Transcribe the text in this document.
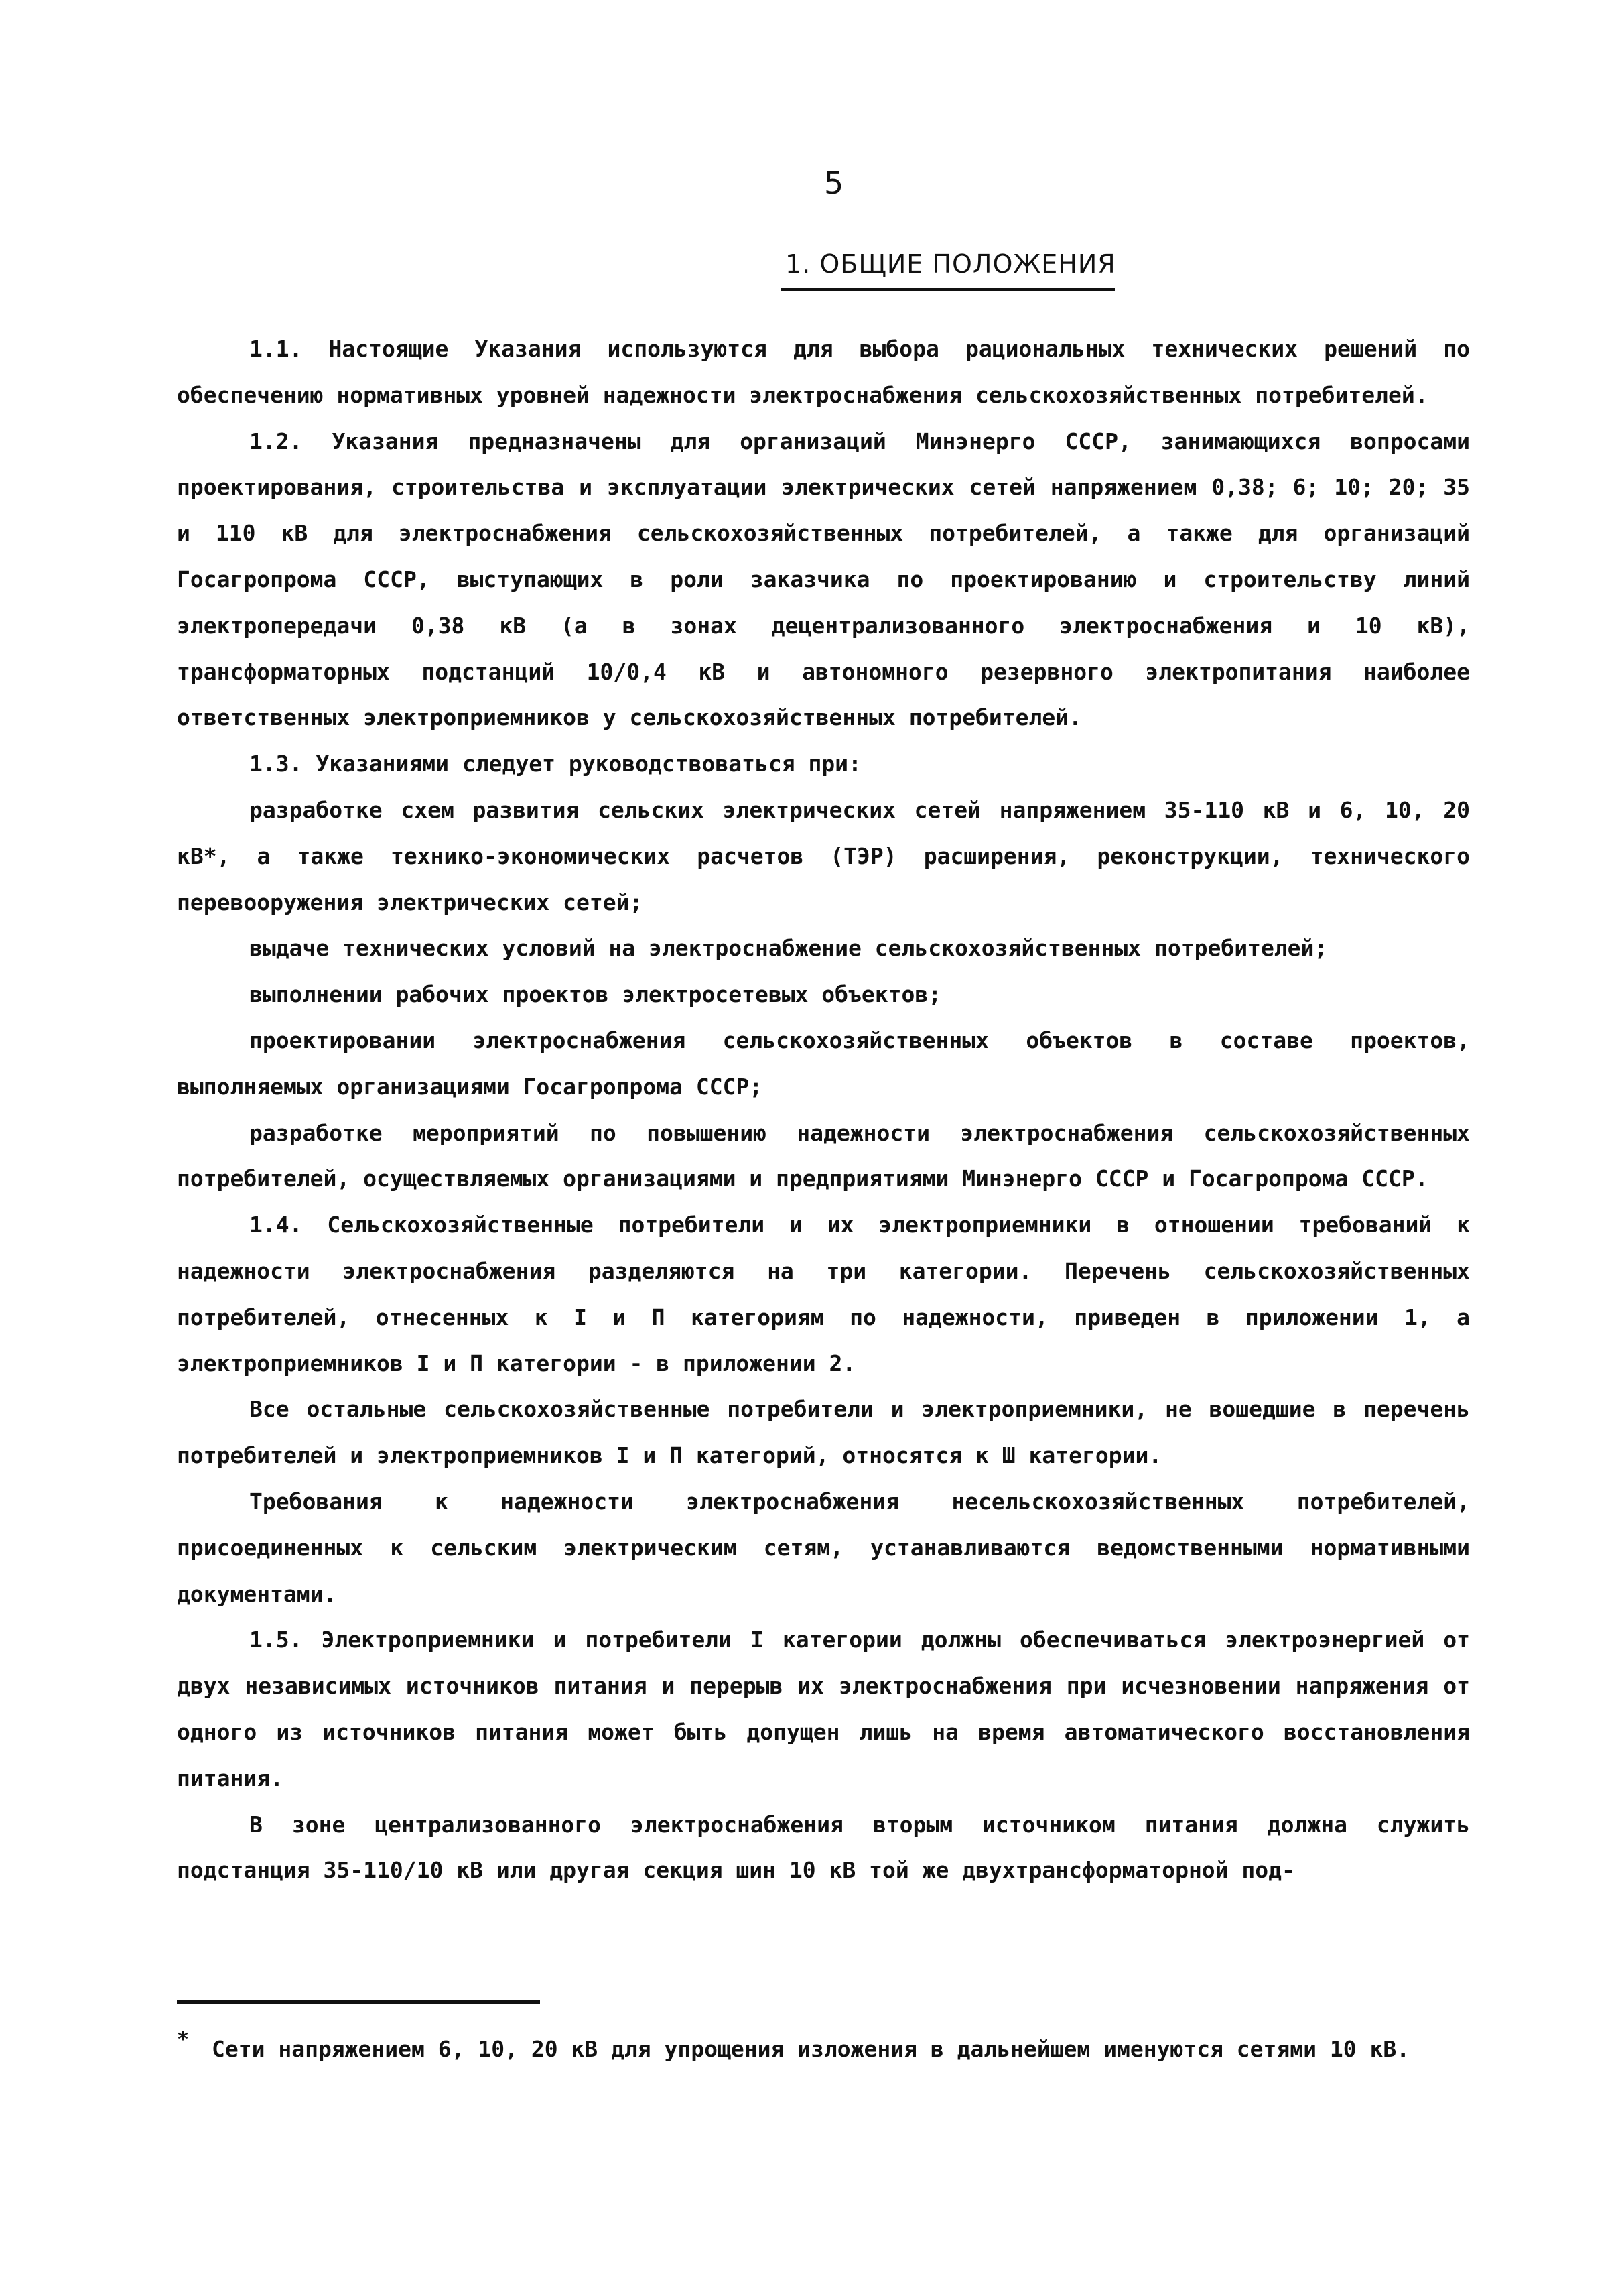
5
1. ОБЩИЕ ПОЛОЖЕНИЯ

1.1. Настоящие Указания используются для выбора рациональных технических решений по обеспечению нормативных уровней надежности электроснабжения сельскохозяйственных потребителей.

1.2. Указания предназначены для организаций Минэнерго СССР, занимающихся вопросами проектирования, строительства и эксплуатации электрических сетей напряжением 0,38; 6; 10; 20; 35 и 110 кВ для электроснабжения сельскохозяйственных потребителей, а также для организаций Госагропрома СССР, выступающих в роли заказчика по проектированию и строительству линий электропередачи 0,38 кВ (а в зонах децентрализованного электроснабжения и 10 кВ), трансформаторных подстанций 10/0,4 кВ и автономного резервного электропитания наиболее ответственных электроприемников у сельскохозяйственных потребителей.

1.3. Указаниями следует руководствоваться при:

разработке схем развития сельских электрических сетей напряжением 35-110 кВ и 6, 10, 20 кВ*, а также технико-экономических расчетов (ТЭР) расширения, реконструкции, технического перевооружения электрических сетей;

выдаче технических условий на электроснабжение сельскохозяйственных потребителей;

выполнении рабочих проектов электросетевых объектов;

проектировании электроснабжения сельскохозяйственных объектов в составе проектов, выполняемых организациями Госагропрома СССР;

разработке мероприятий по повышению надежности электроснабжения сельскохозяйственных потребителей, осуществляемых организациями и предприятиями Минэнерго СССР и Госагропрома СССР.

1.4. Сельскохозяйственные потребители и их электроприемники в отношении требований к надежности электроснабжения разделяются на три категории. Перечень сельскохозяйственных потребителей, отнесенных к I и П категориям по надежности, приведен в приложении 1, а электроприемников I и П категории - в приложении 2.

Все остальные сельскохозяйственные потребители и электроприемники, не вошедшие в перечень потребителей и электроприемников I и П категорий, относятся к Ш категории.

Требования к надежности электроснабжения несельскохозяйственных потребителей, присоединенных к сельским электрическим сетям, устанавливаются ведомственными нормативными документами.

1.5. Электроприемники и потребители I категории должны обеспечиваться электроэнергией от двух независимых источников питания и перерыв их электроснабжения при исчезновении напряжения от одного из источников питания может быть допущен лишь на время автоматического восстановления питания.

В зоне централизованного электроснабжения вторым источником питания должна служить подстанция 35-110/10 кВ или другая секция шин 10 кВ той же двухтрансформаторной под-

* Сети напряжением 6, 10, 20 кВ для упрощения изложения в дальнейшем именуются сетями 10 кВ.
